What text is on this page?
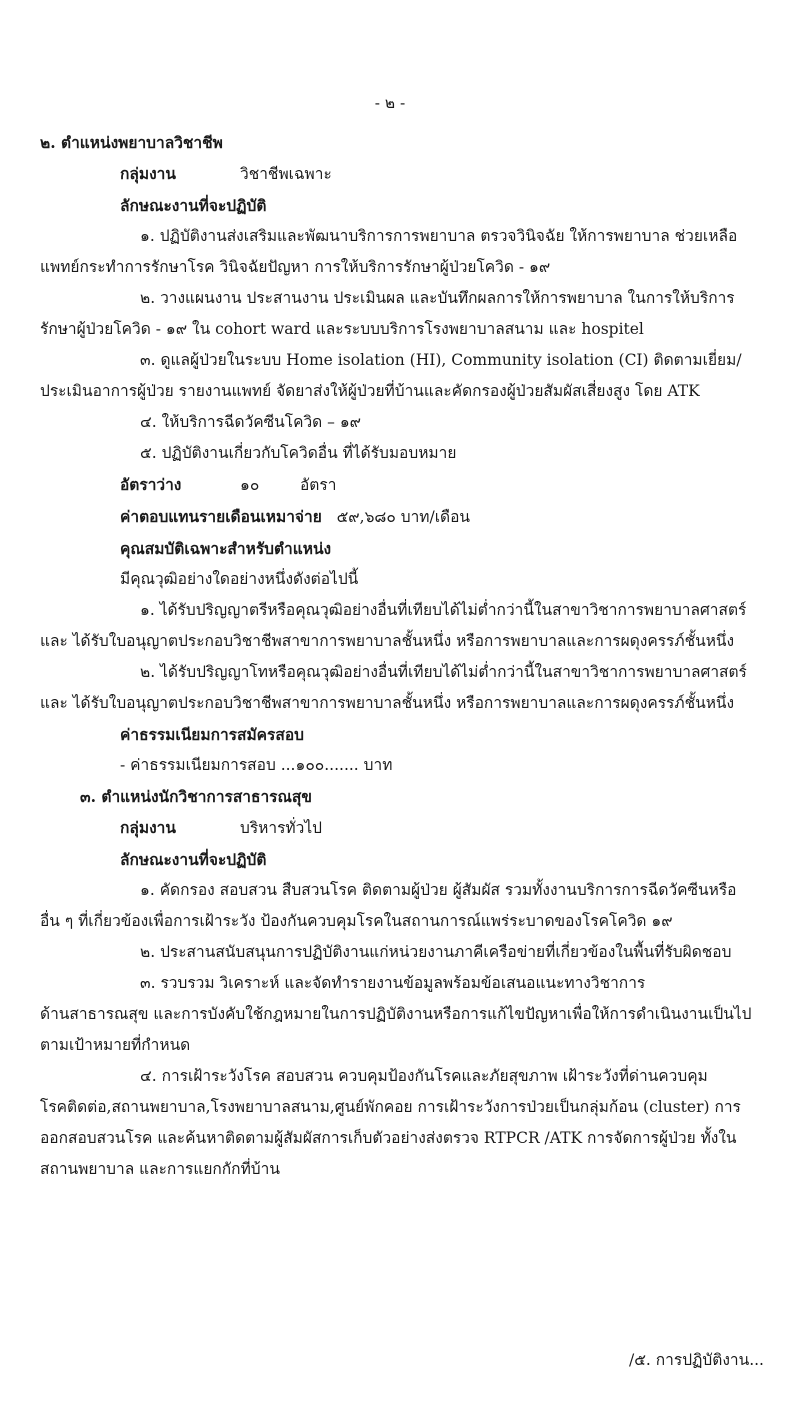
- ๒ -
๒. ตำแหน่งพยาบาลวิชาชีพ
กลุ่มงาน	วิชาชีพเฉพาะ
ลักษณะงานที่จะปฏิบัติ
๑. ปฏิบัติงานส่งเสริมและพัฒนาบริการการพยาบาล ตรวจวินิจฉัย ให้การพยาบาล ช่วยเหลือ
แพทย์กระทำการรักษาโรค วินิจฉัยปัญหา การให้บริการรักษาผู้ป่วยโควิด - ๑๙
๒. วางแผนงาน ประสานงาน ประเมินผล และบันทึกผลการให้การพยาบาล ในการให้บริการ
รักษาผู้ป่วยโควิด - ๑๙ ใน cohort ward และระบบบริการโรงพยาบาลสนาม และ hospitel
๓. ดูแลผู้ป่วยในระบบ Home isolation (HI), Community isolation (CI) ติดตามเยี่ยม/
ประเมินอาการผู้ป่วย รายงานแพทย์ จัดยาส่งให้ผู้ป่วยที่บ้านและคัดกรองผู้ป่วยสัมผัสเสี่ยงสูง โดย ATK
๔. ให้บริการฉีดวัคซีนโควิด – ๑๙
๕. ปฏิบัติงานเกี่ยวกับโควิดอื่น ที่ได้รับมอบหมาย
อัตราว่าง	๑๐	อัตรา
ค่าตอบแทนรายเดือนเหมาจ่าย ๕๙,๖๘๐ บาท/เดือน
คุณสมบัติเฉพาะสำหรับตำแหน่ง
มีคุณวุฒิอย่างใดอย่างหนึ่งดังต่อไปนี้
๑. ได้รับปริญญาตรีหรือคุณวุฒิอย่างอื่นที่เทียบได้ไม่ต่ำกว่านี้ในสาขาวิชาการพยาบาลศาสตร์
และ ได้รับใบอนุญาตประกอบวิชาชีพสาขาการพยาบาลชั้นหนึ่ง หรือการพยาบาลและการผดุงครรภ์ชั้นหนึ่ง
๒. ได้รับปริญญาโทหรือคุณวุฒิอย่างอื่นที่เทียบได้ไม่ต่ำกว่านี้ในสาขาวิชาการพยาบาลศาสตร์
และ ได้รับใบอนุญาตประกอบวิชาชีพสาขาการพยาบาลชั้นหนึ่ง หรือการพยาบาลและการผดุงครรภ์ชั้นหนึ่ง
ค่าธรรมเนียมการสมัครสอบ
- ค่าธรรมเนียมการสอบ ...๑๐๐....... บาท
๓. ตำแหน่งนักวิชาการสาธารณสุข
กลุ่มงาน	บริหารทั่วไป
ลักษณะงานที่จะปฏิบัติ
๑. คัดกรอง สอบสวน สืบสวนโรค ติดตามผู้ป่วย ผู้สัมผัส รวมทั้งงานบริการการฉีดวัคซีนหรือ
อื่น ๆ ที่เกี่ยวข้องเพื่อการเฝ้าระวัง ป้องกันควบคุมโรคในสถานการณ์แพร่ระบาดของโรคโควิด ๑๙
๒. ประสานสนับสนุนการปฏิบัติงานแก่หน่วยงานภาคีเครือข่ายที่เกี่ยวข้องในพื้นที่รับผิดชอบ
๓. รวบรวม วิเคราะห์ และจัดทำรายงานข้อมูลพร้อมข้อเสนอแนะทางวิชาการ
ด้านสาธารณสุข และการบังคับใช้กฎหมายในการปฏิบัติงานหรือการแก้ไขปัญหาเพื่อให้การดำเนินงานเป็นไป
ตามเป้าหมายที่กำหนด
๔. การเฝ้าระวังโรค สอบสวน ควบคุมป้องกันโรคและภัยสุขภาพ เฝ้าระวังที่ด่านควบคุม
โรคติดต่อ,สถานพยาบาล,โรงพยาบาลสนาม,ศูนย์พักคอย การเฝ้าระวังการป่วยเป็นกลุ่มก้อน (cluster) การ
ออกสอบสวนโรค และค้นหาติดตามผู้สัมผัสการเก็บตัวอย่างส่งตรวจ RTPCR /ATK การจัดการผู้ป่วย ทั้งใน
สถานพยาบาล และการแยกกักที่บ้าน
/๕. การปฏิบัติงาน...
